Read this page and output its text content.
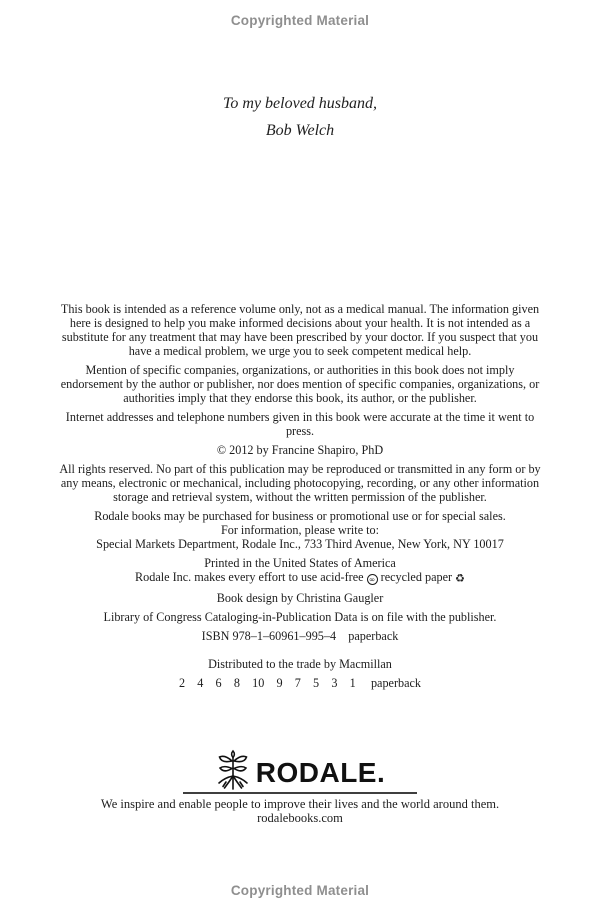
Copyrighted Material
To my beloved husband,
Bob Welch

This book is intended as a reference volume only, not as a medical manual. The information given here is designed to help you make informed decisions about your health. It is not intended as a substitute for any treatment that may have been prescribed by your doctor. If you suspect that you have a medical problem, we urge you to seek competent medical help.

Mention of specific companies, organizations, or authorities in this book does not imply endorsement by the author or publisher, nor does mention of specific companies, organizations, or authorities imply that they endorse this book, its author, or the publisher.

Internet addresses and telephone numbers given in this book were accurate at the time it went to press.

© 2012 by Francine Shapiro, PhD

All rights reserved. No part of this publication may be reproduced or transmitted in any form or by any means, electronic or mechanical, including photocopying, recording, or any other information storage and retrieval system, without the written permission of the publisher.

Rodale books may be purchased for business or promotional use or for special sales.
For information, please write to:
Special Markets Department, Rodale Inc., 733 Third Avenue, New York, NY 10017
Printed in the United States of America
Rodale Inc. makes every effort to use acid-free ∞ recycled paper ♻

Book design by Christina Gaugler

Library of Congress Cataloging-in-Publication Data is on file with the publisher.

ISBN 978–1–60961–995–4    paperback

Distributed to the trade by Macmillan

2    4    6    8    10    9    7    5    3    1     paperback

RODALE.
We inspire and enable people to improve their lives and the world around them.
rodalebooks.com
Copyrighted Material
